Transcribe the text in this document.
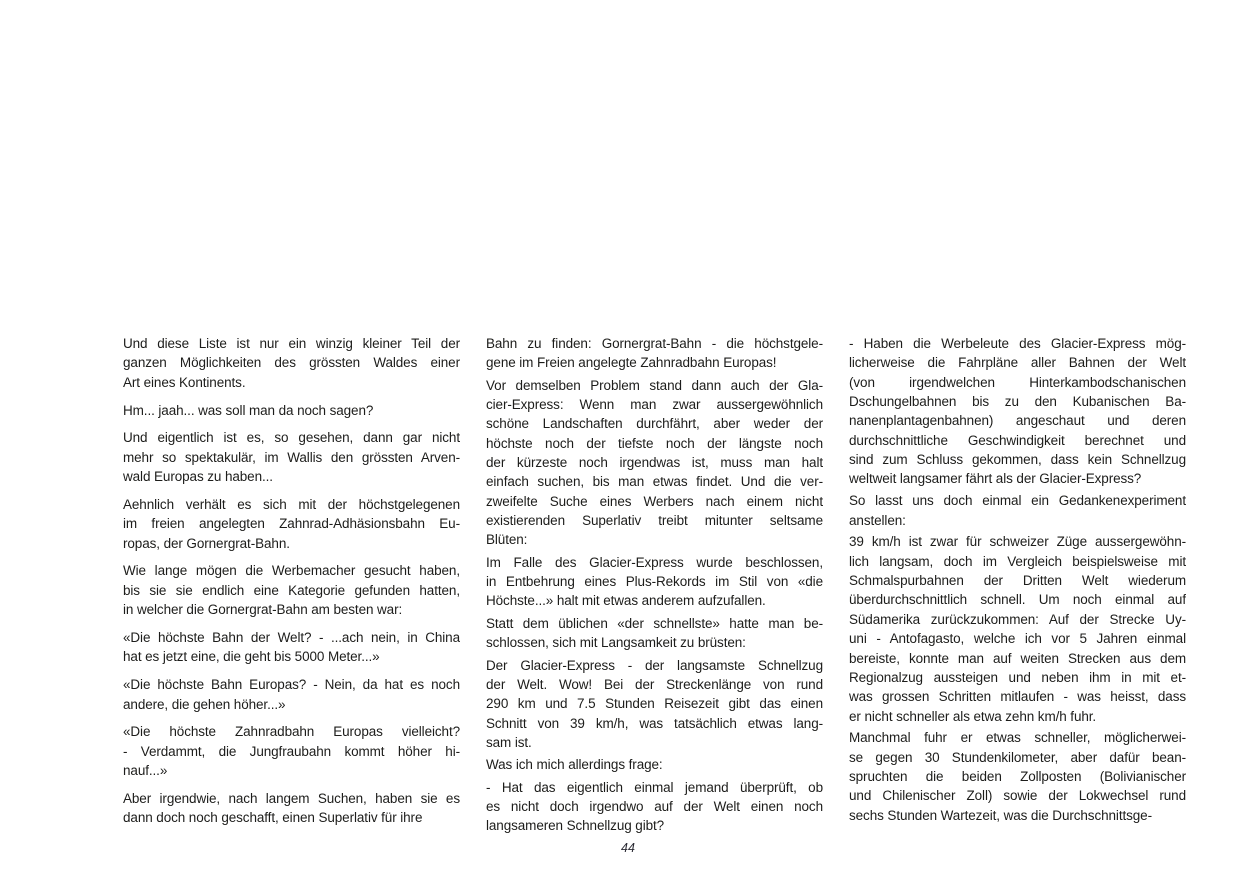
Und diese Liste ist nur ein winzig kleiner Teil der
ganzen Möglichkeiten des grössten Waldes einer
Art eines Kontinents.
Hm... jaah... was soll man da noch sagen?
Und eigentlich ist es, so gesehen, dann gar nicht
mehr so spektakulär, im Wallis den grössten Arven-
wald Europas zu haben...
Aehnlich verhält es sich mit der höchstgelegenen
im freien angelegten Zahnrad-Adhäsionsbahn Eu-
ropas, der Gornergrat-Bahn.
Wie lange mögen die Werbemacher gesucht haben,
bis sie sie endlich eine Kategorie gefunden hatten,
in welcher die Gornergrat-Bahn am besten war:
«Die höchste Bahn der Welt? - ...ach nein, in China
hat es jetzt eine, die geht bis 5000 Meter...»
«Die höchste Bahn Europas? - Nein, da hat es noch
andere, die gehen höher...»
«Die höchste Zahnradbahn Europas vielleicht?
- Verdammt, die Jungfraubahn kommt höher hi-
nauf...»
Aber irgendwie, nach langem Suchen, haben sie es
dann doch noch geschafft, einen Superlativ für ihre
Bahn zu finden: Gornergrat-Bahn - die höchstgele-
gene im Freien angelegte Zahnradbahn Europas!
Vor demselben Problem stand dann auch der Gla-
cier-Express: Wenn man zwar aussergewöhnlich
schöne Landschaften durchfährt, aber weder der
höchste noch der tiefste noch der längste noch
der kürzeste noch irgendwas ist, muss man halt
einfach suchen, bis man etwas findet. Und die ver-
zweifelte Suche eines Werbers nach einem nicht
existierenden Superlativ treibt mitunter seltsame
Blüten:
Im Falle des Glacier-Express wurde beschlossen,
in Entbehrung eines Plus-Rekords im Stil von «die
Höchste...» halt mit etwas anderem aufzufallen.
Statt dem üblichen «der schnellste» hatte man be-
schlossen, sich mit Langsamkeit zu brüsten:
Der Glacier-Express - der langsamste Schnellzug
der Welt. Wow! Bei der Streckenlänge von rund
290 km und 7.5 Stunden Reisezeit gibt das einen
Schnitt von 39 km/h, was tatsächlich etwas lang-
sam ist.
Was ich mich allerdings frage:
- Hat das eigentlich einmal jemand überprüft, ob
es nicht doch irgendwo auf der Welt einen noch
langsameren Schnellzug gibt?
- Haben die Werbeleute des Glacier-Express mög-
licherweise die Fahrpläne aller Bahnen der Welt
(von irgendwelchen Hinterkambodschanischen
Dschungelbahnen bis zu den Kubanischen Ba-
nanenplantagenbahnen) angeschaut und deren
durchschnittliche Geschwindigkeit berechnet und
sind zum Schluss gekommen, dass kein Schnellzug
weltweit langsamer fährt als der Glacier-Express?
So lasst uns doch einmal ein Gedankenexperiment
anstellen:
39 km/h ist zwar für schweizer Züge aussergewöhn-
lich langsam, doch im Vergleich beispielsweise mit
Schmalspurbahnen der Dritten Welt wiederum
überdurchschnittlich schnell. Um noch einmal auf
Südamerika zurückzukommen: Auf der Strecke Uy-
uni - Antofagasto, welche ich vor 5 Jahren einmal
bereiste, konnte man auf weiten Strecken aus dem
Regionalzug aussteigen und neben ihm in mit et-
was grossen Schritten mitlaufen - was heisst, dass
er nicht schneller als etwa zehn km/h fuhr.
Manchmal fuhr er etwas schneller, möglicherwei-
se gegen 30 Stundenkilometer, aber dafür bean-
spruchten die beiden Zollposten (Bolivianischer
und Chilenischer Zoll) sowie der Lokwechsel rund
sechs Stunden Wartezeit, was die Durchschnittsge-
44
